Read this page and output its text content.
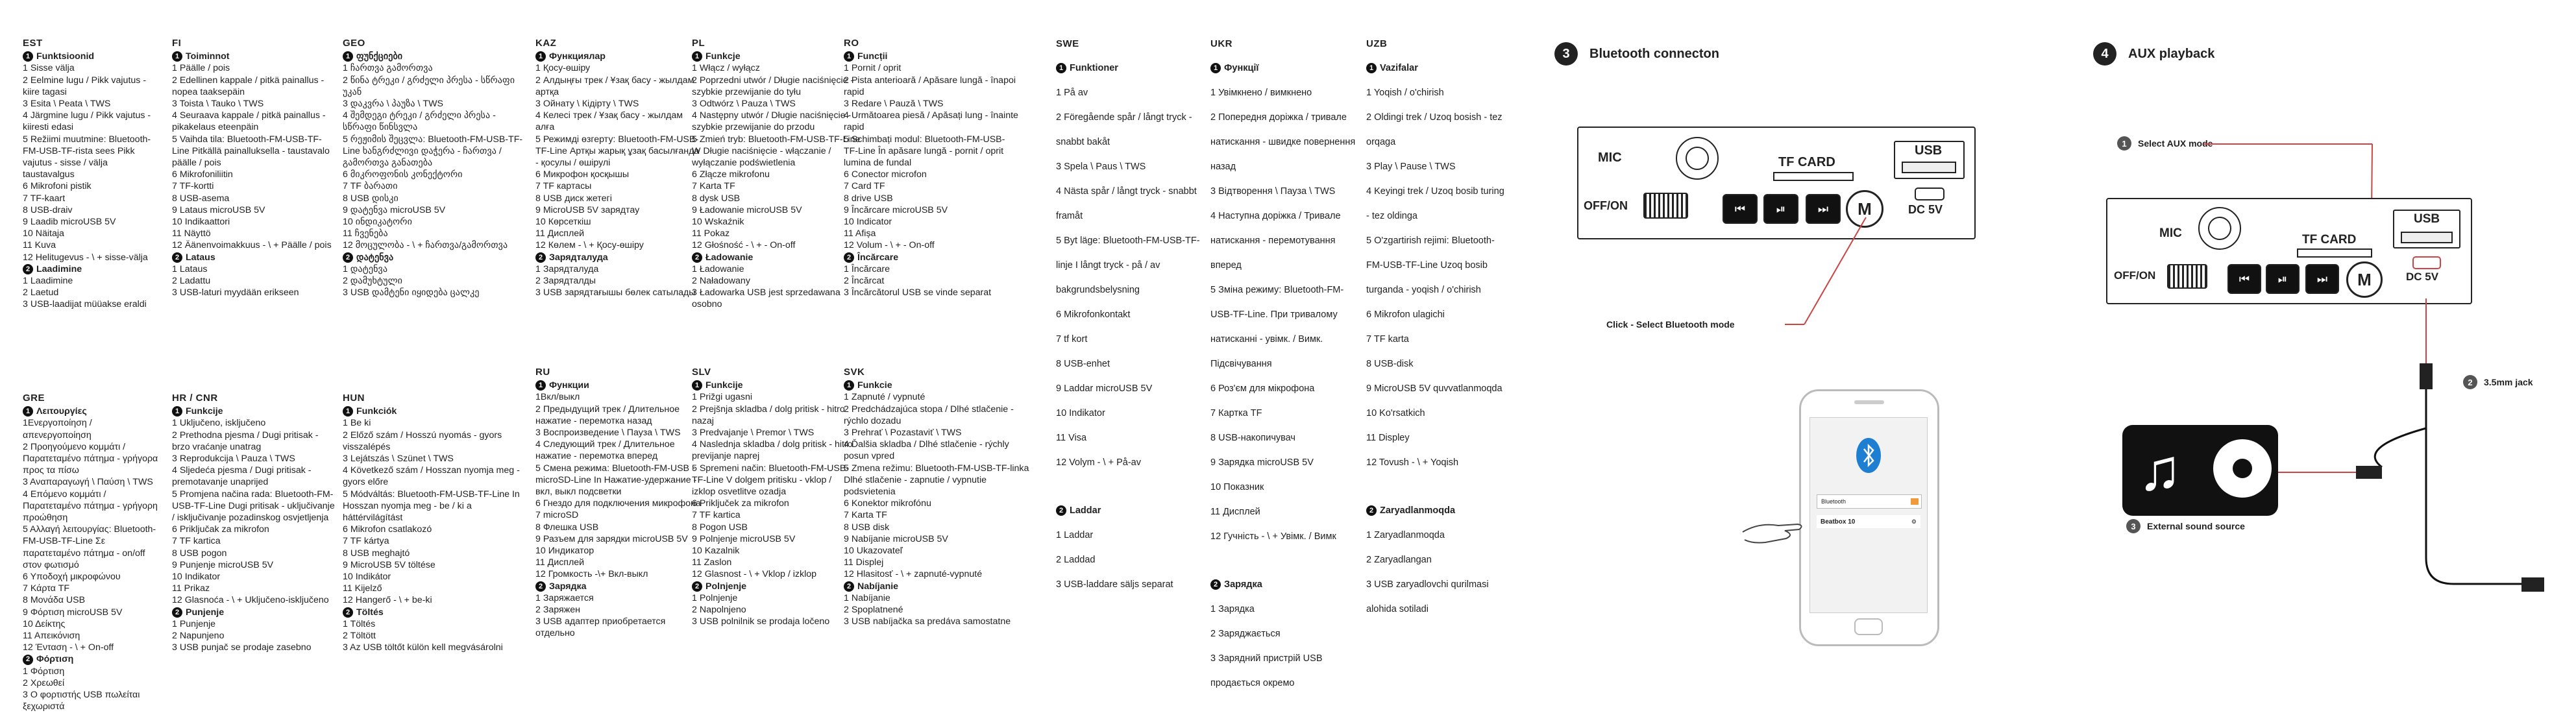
EST
1 Funktsioonid
1 Sisse välja
2 Eelmine lugu / Pikk vajutus - kiire tagasi
3 Esita \ Peata \ TWS
4 Järgmine lugu / Pikk vajutus - kiiresti edasi
5 Režiimi muutmine: Bluetooth-FM-USB-TF-rista sees Pikk vajutus - sisse / välja taustavalgus
6 Mikrofoni pistik
7 TF-kaart
8 USB-draiv
9 Laadib microUSB 5V
10 Näitaja
11 Kuva
12 Helitugevus - \ + sisse-välja
2 Laadimine
1 Laadimine
2 Laetud
3 USB-laadijat müüakse eraldi
FI
1 Toiminnot
1 Päälle / pois
2 Edellinen kappale / pitkä painallus - nopea taaksepäin
3 Toista \ Tauko \ TWS
4 Seuraava kappale / pitkä painallus - pikakelaus eteenpäin
5 Vaihda tila: Bluetooth-FM-USB-TF-Line Pitkällä painalluksella - taustavalo päälle / pois
6 Mikrofoniliitin
7 TF-kortti
8 USB-asema
9 Lataus microUSB 5V
10 Indikaattori
11 Näyttö
12 Äänenvoimakkuus - \ + Päälle / pois
2 Lataus
1 Lataus
2 Ladattu
3 USB-laturi myydään erikseen
GEO
1 ფუნქციები
1 ჩართვა გამორთვა
2 წინა ტრეკი / გრძელი პრესა - სწრაფი უკან
3 დაკვრა \ პაუზა \ TWS
4 შემდეგი ტრეკი / გრძელი პრესა - სწრაფი წინსვლა
5 რეჟიმის შეცვლა: Bluetooth-FM-USB-TF-Line ხანგრძლივი დაჭერა - ჩართვა / გამორთვა განათება
6 მიკროფონის კონექტორი
7 TF ბარათი
8 USB დისკი
9 დატენვა microUSB 5V
10 ინდიკატორი
11 ჩვენება
12 მოცულობა - \ + ჩართვა/გამორთვა
2 დატენვა
1 დატენვა
2 დამუხტული
3 USB დამტენი იყიდება ცალკე
KAZ
1 Функциялар
1 Қосу-өшіру
2 Алдыңғы трек / Ұзақ басу - жылдам артқа
3 Ойнату \ Кідірту \ TWS
4 Келесі трек / Ұзақ басу - жылдам алға
5 Режимді өзгерту: Bluetooth-FM-USB-TF-Line Артқы жарық ұзақ басылғанда - қосулы / өшірулі
6 Микрофон қосқышы
7 TF картасы
8 USB диск жетегі
9 MicroUSB 5V зарядтау
10 Көрсеткіш
11 Дисплей
12 Көлем - \ + Қосу-өшіру
2 Зарядталуда
1 Зарядталуда
2 Зарядталды
3 USB зарядтағышы бөлек сатылады
PL
1 Funkcje
1 Włącz / wyłącz
2 Poprzedni utwór / Długie naciśnięcie - szybkie przewijanie do tyłu
3 Odtwórz \ Pauza \ TWS
4 Następny utwór / Długie naciśnięcie - szybkie przewijanie do przodu
5 Zmień tryb: Bluetooth-FM-USB-TF-Line W Długie naciśnięcie - włączanie / wyłączanie podświetlenia
6 Złącze mikrofonu
7 Karta TF
8 dysk USB
9 Ładowanie microUSB 5V
10 Wskaźnik
11 Pokaz
12 Głośność - \ + - On-off
2 Ładowanie
1 Ładowanie
2 Naładowany
3 Ładowarka USB jest sprzedawana osobno
RO
1 Funcții
1 Pornit / oprit
2 Pista anterioară / Apăsare lungă - înapoi rapid
3 Redare \ Pauză \ TWS
4 Următoarea piesă / Apăsați lung - înainte rapid
5 Schimbați modul: Bluetooth-FM-USB-TF-Line În apăsare lungă - pornit / oprit lumina de fundal
6 Conector microfon
7 Card TF
8 drive USB
9 Încărcare microUSB 5V
10 Indicator
11 Afișa
12 Volum - \ + - On-off
2 Încărcare
1 Încărcare
2 Încărcat
3 Încărcătorul USB se vinde separat
GRE
1 Λειτουργίες
1Ενεργοποίηση / απενεργοποίηση
2 Προηγούμενο κομμάτι / Παρατεταμένο πάτημα - γρήγορα προς τα πίσω
3 Αναπαραγωγή \ Παύση \ TWS
4 Επόμενο κομμάτι / Παρατεταμένο πάτημα - γρήγορη προώθηση
5 Αλλαγή λειτουργίας: Bluetooth-FM-USB-TF-Line Σε παρατεταμένο πάτημα - on/off στον φωτισμό
6 Υποδοχή μικροφώνου
7 Κάρτα TF
8 Μονάδα USB
9 Φόρτιση microUSB 5V
10 Δείκτης
11 Απεικόνιση
12 Ένταση - \ + On-off
2 Φόρτιση
1 Φόρτιση
2 Χρεωθεί
3 Ο φορτιστής USB πωλείται ξεχωριστά
HR / CNR
1 Funkcije
1 Uključeno, isključeno
2 Prethodna pjesma / Dugi pritisak - brzo vraćanje unatrag
3 Reprodukcija \ Pauza \ TWS
4 Sljedeća pjesma / Dugi pritisak - premotavanje unaprijed
5 Promjena načina rada: Bluetooth-FM-USB-TF-Line Dugi pritisak - uključivanje / isključivanje pozadinskog osvjetljenja
6 Priključak za mikrofon
7 TF kartica
8 USB pogon
9 Punjenje microUSB 5V
10 Indikator
11 Prikaz
12 Glasnoća - \ + Uključeno-isključeno
2 Punjenje
1 Punjenje
2 Napunjeno
3 USB punjač se prodaje zasebno
HUN
1 Funkciók
1 Be ki
2 Előző szám / Hosszú nyomás - gyors visszalépés
3 Lejátszás \ Szünet \ TWS
4 Következő szám / Hosszan nyomja meg - gyors előre
5 Módváltás: Bluetooth-FM-USB-TF-Line In Hosszan nyomja meg - be / ki a háttérvilágítást
6 Mikrofon csatlakozó
7 TF kártya
8 USB meghajtó
9 MicroUSB 5V töltése
10 Indikátor
11 Kijelző
12 Hangerő - \ + be-ki
2 Töltés
1 Töltés
2 Töltött
3 Az USB töltőt külön kell megvásárolni
RU
1 Функции
1Вкл/выкл
2 Предыдущий трек / Длительное нажатие - перемотка назад
3 Воспроизведение \ Пауза \ TWS
4 Следующий трек / Длительное нажатие - перемотка вперед
5 Смена режима: Bluetooth-FM-USB -microSD-Line In Нажатие-удержание - вкл, выкл подсветки
6 Гнездо для подключения микрофона
7 microSD
8 Флешка USB
9 Разъем для зарядки microUSB 5V
10 Индикатор
11 Дисплей
12 Громкость -\+ Вкл-выкл
2 Зарядка
1 Заряжается
2 Заряжен
3 USB адаптер приобретается отдельно
SLV
1 Funkcije
1 Prižgi ugasni
2 Prejšnja skladba / dolg pritisk - hitro nazaj
3 Predvajanje \ Premor \ TWS
4 Naslednja skladba / dolg pritisk - hitro previjanje naprej
5 Spremeni način: Bluetooth-FM-USB-TF-Line V dolgem pritisku - vklop / izklop osvetlitve ozadja
6 Priključek za mikrofon
7 TF kartica
8 Pogon USB
9 Polnjenje microUSB 5V
10 Kazalnik
11 Zaslon
12 Glasnost - \ + Vklop / izklop
2 Polnjenje
1 Polnjenje
2 Napolnjeno
3 USB polnilnik se prodaja ločeno
SVK
1 Funkcie
1 Zapnuté / vypnuté
2 Predchádzajúca stopa / Dlhé stlačenie - rýchlo dozadu
3 Prehrať \ Pozastaviť \ TWS
4 Ďalšia skladba / Dlhé stlačenie - rýchly posun vpred
5 Zmena režimu: Bluetooth-FM-USB-TF-linka Dlhé stlačenie - zapnutie / vypnutie podsvietenia
6 Konektor mikrofónu
7 Karta TF
8 USB disk
9 Nabíjanie microUSB 5V
10 Ukazovateľ
11 Displej
12 Hlasitosť - \ + zapnuté-vypnuté
2 Nabíjanie
1 Nabíjanie
2 Spoplatnené
3 USB nabíjačka sa predáva samostatne
SWE
1 Funktioner
1 På av
2 Föregående spår / långt tryck - snabbt bakåt
3 Spela \ Paus \ TWS
4 Nästa spår / långt tryck - snabbt framåt
5 Byt läge: Bluetooth-FM-USB-TF-linje I långt tryck - på / av bakgrundsbelysning
6 Mikrofonkontakt
7 tf kort
8 USB-enhet
9 Laddar microUSB 5V
10 Indikator
11 Visa
12 Volym - \ + På-av
2 Laddar
1 Laddar
2 Laddad
3 USB-laddare säljs separat
UKR
1 Функції
1 Увімкнено / вимкнено
2 Попередня доріжка / тривале натискання - швидке повернення назад
3 Відтворення \ Пауза \ TWS
4 Наступна доріжка / Тривале натискання - перемотування вперед
5 Зміна режиму: Bluetooth-FM-USB-TF-Line. При тривалому натисканні - увімк. / Вимк. Підсвічування
6 Роз'єм для мікрофона
7 Картка TF
8 USB-накопичувач
9 Зарядка microUSB 5V
10 Показник
11 Дисплей
12 Гучність - \ + Увімк. / Вимк
2 Зарядка
1 Зарядка
2 Заряджається
3 Зарядний пристрій USB продається окремо
UZB
1 Vazifalar
1 Yoqish / o'chirish
2 Oldingi trek / Uzoq bosish - tez orqaga
3 Play \ Pause \ TWS
4 Keyingi trek / Uzoq bosib turing - tez oldinga
5 O'zgartirish rejimi: Bluetooth-FM-USB-TF-Line Uzoq bosib turganda - yoqish / o'chirish
6 Mikrofon ulagichi
7 TF karta
8 USB-disk
9 MicroUSB 5V quvvatlanmoqda
10 Ko'rsatkich
11 Displey
12 Tovush - \ + Yoqish
2 Zaryadlanmoqda
1 Zaryadlanmoqda
2 Zaryadlangan
3 USB zaryadlovchi qurilmasi alohida sotiladi
3	Bluetooth connecton
MIC
OFF/ON
TF CARD
⏮	⏯	⏭	M
USB
DC 5V
Click - Select Bluetooth mode
Bluetooth
Beatbox 10	⚙
4	AUX playback
1	Select AUX mode
MIC
OFF/ON
TF CARD
⏮	⏯	⏭	M
USB
DC 5V
2	3.5mm jack
♫
3	External sound source
